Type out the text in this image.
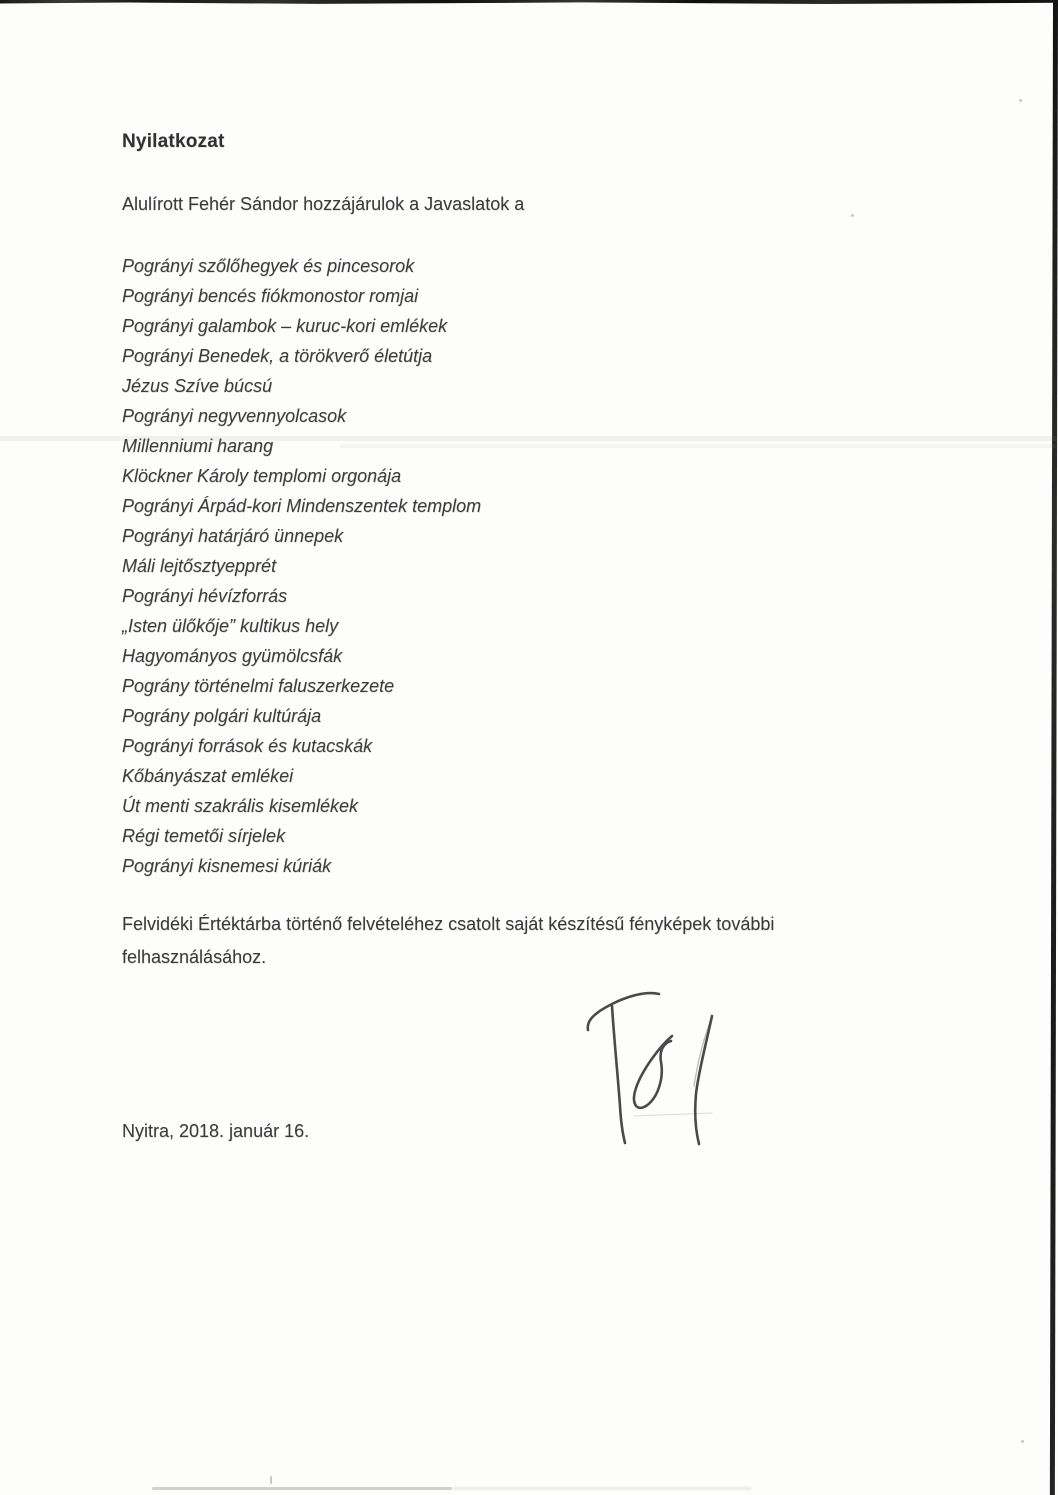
Nyilatkozat

Alulírott Fehér Sándor hozzájárulok a Javaslatok a

Pogrányi szőlőhegyek és pincesorok
Pogrányi bencés fiókmonostor romjai
Pogrányi galambok – kuruc-kori emlékek
Pogrányi Benedek, a törökverő életútja
Jézus Szíve búcsú
Pogrányi negyvennyolcasok
Millenniumi harang
Klöckner Károly templomi orgonája
Pogrányi Árpád-kori Mindenszentek templom
Pogrányi határjáró ünnepek
Máli lejtősztyepprét
Pogrányi hévízforrás
„Isten ülőkője” kultikus hely
Hagyományos gyümölcsfák
Pográny történelmi faluszerkezete
Pográny polgári kultúrája
Pogrányi források és kutacskák
Kőbányászat emlékei
Út menti szakrális kisemlékek
Régi temetői sírjelek
Pogrányi kisnemesi kúriák

Felvidéki Értéktárba történő felvételéhez csatolt saját készítésű fényképek további felhasználásához.

Nyitra, 2018. január 16.
